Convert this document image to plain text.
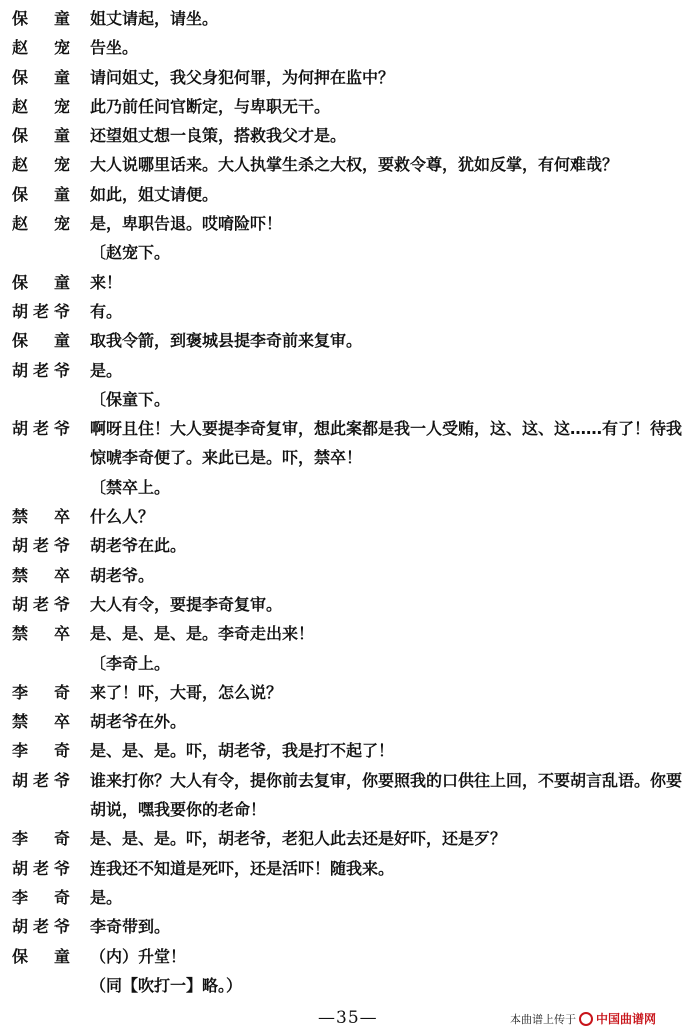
保 童	姐丈请起，请坐。
赵 宠	告坐。
保 童	请问姐丈，我父身犯何罪，为何押在监中？
赵 宠	此乃前任问官断定，与卑职无干。
保 童	还望姐丈想一良策，搭救我父才是。
赵 宠	大人说哪里话来。大人执掌生杀之大权，要救令尊，犹如反掌，有何难哉？
保 童	如此，姐丈请便。
赵 宠	是，卑职告退。哎唷险吓！
〔赵宠下。
保 童	来！
胡老爷	有。
保 童	取我令箭，到褒城县提李奇前来复审。
胡老爷	是。
〔保童下。
胡老爷	啊呀且住！大人要提李奇复审，想此案都是我一人受贿，这、这、这……有了！待我惊唬李奇便了。来此已是。吓，禁卒！
〔禁卒上。
禁 卒	什么人？
胡老爷	胡老爷在此。
禁 卒	胡老爷。
胡老爷	大人有令，要提李奇复审。
禁 卒	是、是、是、是。李奇走出来！
〔李奇上。
李 奇	来了！吓，大哥，怎么说？
禁 卒	胡老爷在外。
李 奇	是、是、是。吓，胡老爷，我是打不起了！
胡老爷	谁来打你？大人有令，提你前去复审，你要照我的口供往上回，不要胡言乱语。你要胡说，嘿我要你的老命！
李 奇	是、是、是。吓，胡老爷，老犯人此去还是好吓，还是歹？
胡老爷	连我还不知道是死吓，还是活吓！随我来。
李 奇	是。
胡老爷	李奇带到。
保 童	（内）升堂！
（同【吹打一】略。）
—35—	本曲谱上传于 中国曲谱网
